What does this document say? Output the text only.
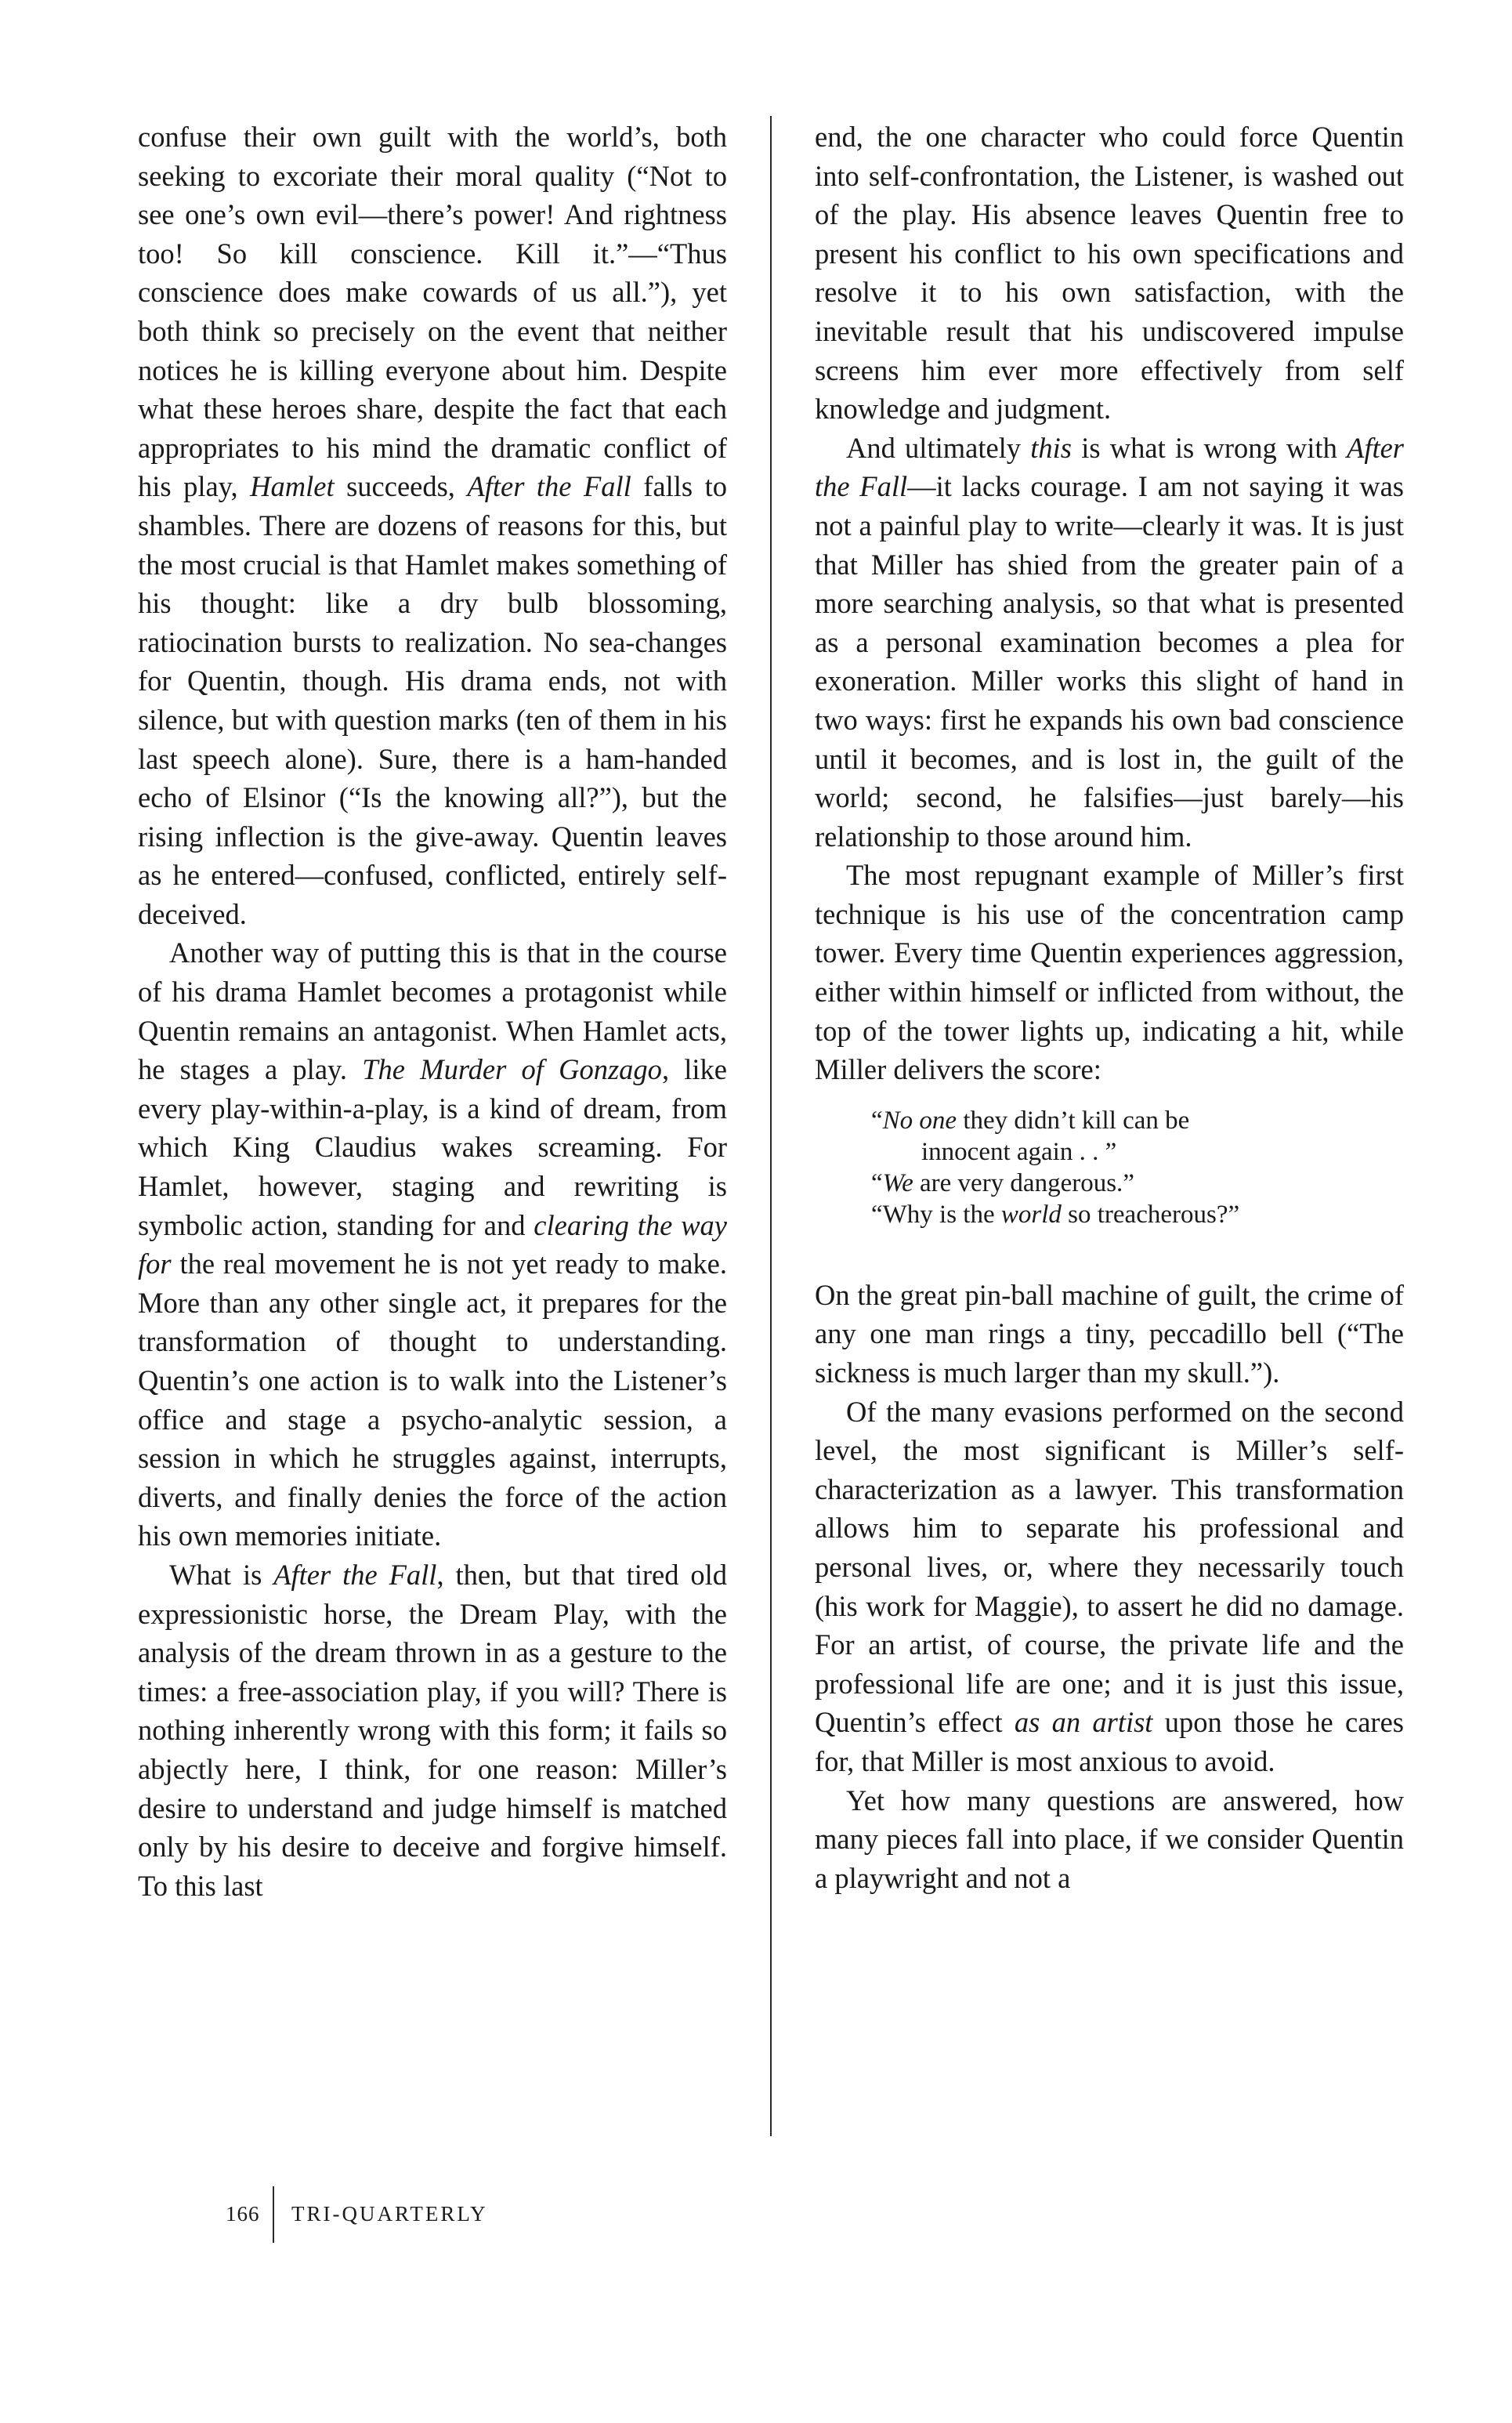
confuse their own guilt with the world’s, both seeking to excoriate their moral quality (“Not to see one’s own evil—there’s power! And rightness too! So kill conscience. Kill it.”—“Thus conscience does make cowards of us all.”), yet both think so precisely on the event that neither notices he is killing everyone about him. Despite what these heroes share, despite the fact that each appropriates to his mind the dramatic conflict of his play, Hamlet succeeds, After the Fall falls to shambles. There are dozens of reasons for this, but the most crucial is that Hamlet makes something of his thought: like a dry bulb blossoming, ratiocination bursts to realization. No sea-changes for Quentin, though. His drama ends, not with silence, but with question marks (ten of them in his last speech alone). Sure, there is a ham-handed echo of Elsinor (“Is the knowing all?”), but the rising inflection is the give-away. Quentin leaves as he entered—confused, conflicted, entirely self-deceived.

Another way of putting this is that in the course of his drama Hamlet becomes a protagonist while Quentin remains an antagonist. When Hamlet acts, he stages a play. The Murder of Gonzago, like every play-within-a-play, is a kind of dream, from which King Claudius wakes screaming. For Hamlet, however, staging and rewriting is symbolic action, standing for and clearing the way for the real movement he is not yet ready to make. More than any other single act, it prepares for the transformation of thought to understanding. Quentin’s one action is to walk into the Listener’s office and stage a psycho-analytic session, a session in which he struggles against, interrupts, diverts, and finally denies the force of the action his own memories initiate.

What is After the Fall, then, but that tired old expressionistic horse, the Dream Play, with the analysis of the dream thrown in as a gesture to the times: a free-association play, if you will? There is nothing inherently wrong with this form; it fails so abjectly here, I think, for one reason: Miller’s desire to understand and judge himself is matched only by his desire to deceive and forgive himself. To this last

end, the one character who could force Quentin into self-confrontation, the Listener, is washed out of the play. His absence leaves Quentin free to present his conflict to his own specifications and resolve it to his own satisfaction, with the inevitable result that his undiscovered impulse screens him ever more effectively from self knowledge and judgment.

And ultimately this is what is wrong with After the Fall—it lacks courage. I am not saying it was not a painful play to write—clearly it was. It is just that Miller has shied from the greater pain of a more searching analysis, so that what is presented as a personal examination becomes a plea for exoneration. Miller works this slight of hand in two ways: first he expands his own bad conscience until it becomes, and is lost in, the guilt of the world; second, he falsifies—just barely—his relationship to those around him.

The most repugnant example of Miller’s first technique is his use of the concentration camp tower. Every time Quentin experiences aggression, either within himself or inflicted from without, the top of the tower lights up, indicating a hit, while Miller delivers the score:

“No one they didn’t kill can be
innocent again . . ”
“We are very dangerous.”
“Why is the world so treacherous?”

On the great pin-ball machine of guilt, the crime of any one man rings a tiny, peccadillo bell (“The sickness is much larger than my skull.”).

Of the many evasions performed on the second level, the most significant is Miller’s self-characterization as a lawyer. This transformation allows him to separate his professional and personal lives, or, where they necessarily touch (his work for Maggie), to assert he did no damage. For an artist, of course, the private life and the professional life are one; and it is just this issue, Quentin’s effect as an artist upon those he cares for, that Miller is most anxious to avoid.

Yet how many questions are answered, how many pieces fall into place, if we consider Quentin a playwright and not a

166 TRI-QUARTERLY
